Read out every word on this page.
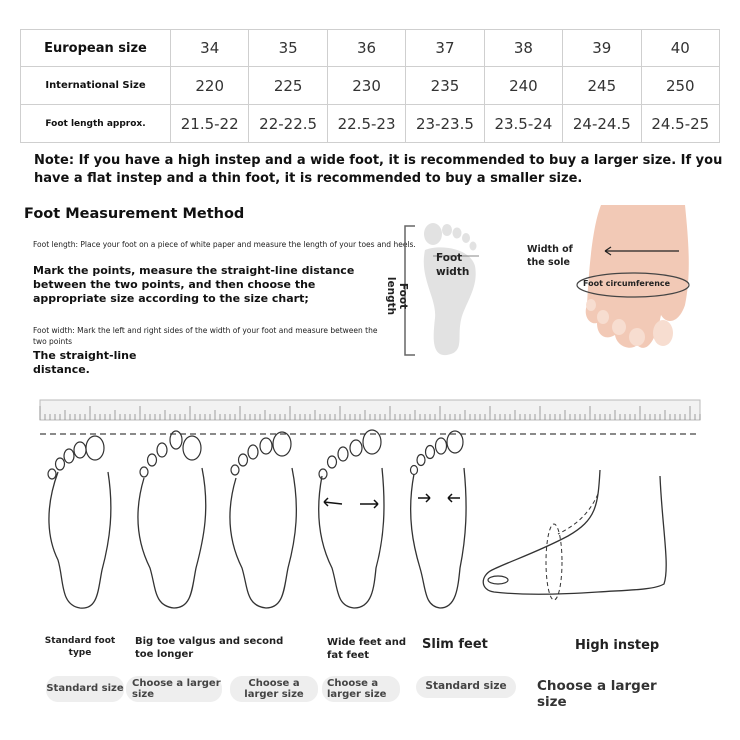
European size	34	35	36	37	38	39	40
International Size	220	225	230	235	240	245	250
Foot length approx.	21.5-22	22-22.5	22.5-23	23-23.5	23.5-24	24-24.5	24.5-25
Note: If you have a high instep and a wide foot, it is recommended to buy a larger size. If you have a flat instep and a thin foot, it is recommended to buy a smaller size.
Foot Measurement Method
Foot length: Place your foot on a piece of white paper and measure the length of your toes and heels.
Mark the points, measure the straight-line distance between the two points, and then choose the appropriate size according to the size chart;
Foot width: Mark the left and right sides of the width of your foot and measure between the two points
The straight-line distance.
Foot width
Foot length
Width of the sole
Foot circumference
Standard foot type
Big toe valgus and second toe longer
Wide feet and fat feet
Slim feet	High instep
Standard size
Choose a larger size
Choose a larger size
Choose a larger size
Standard size	Choose a larger size
